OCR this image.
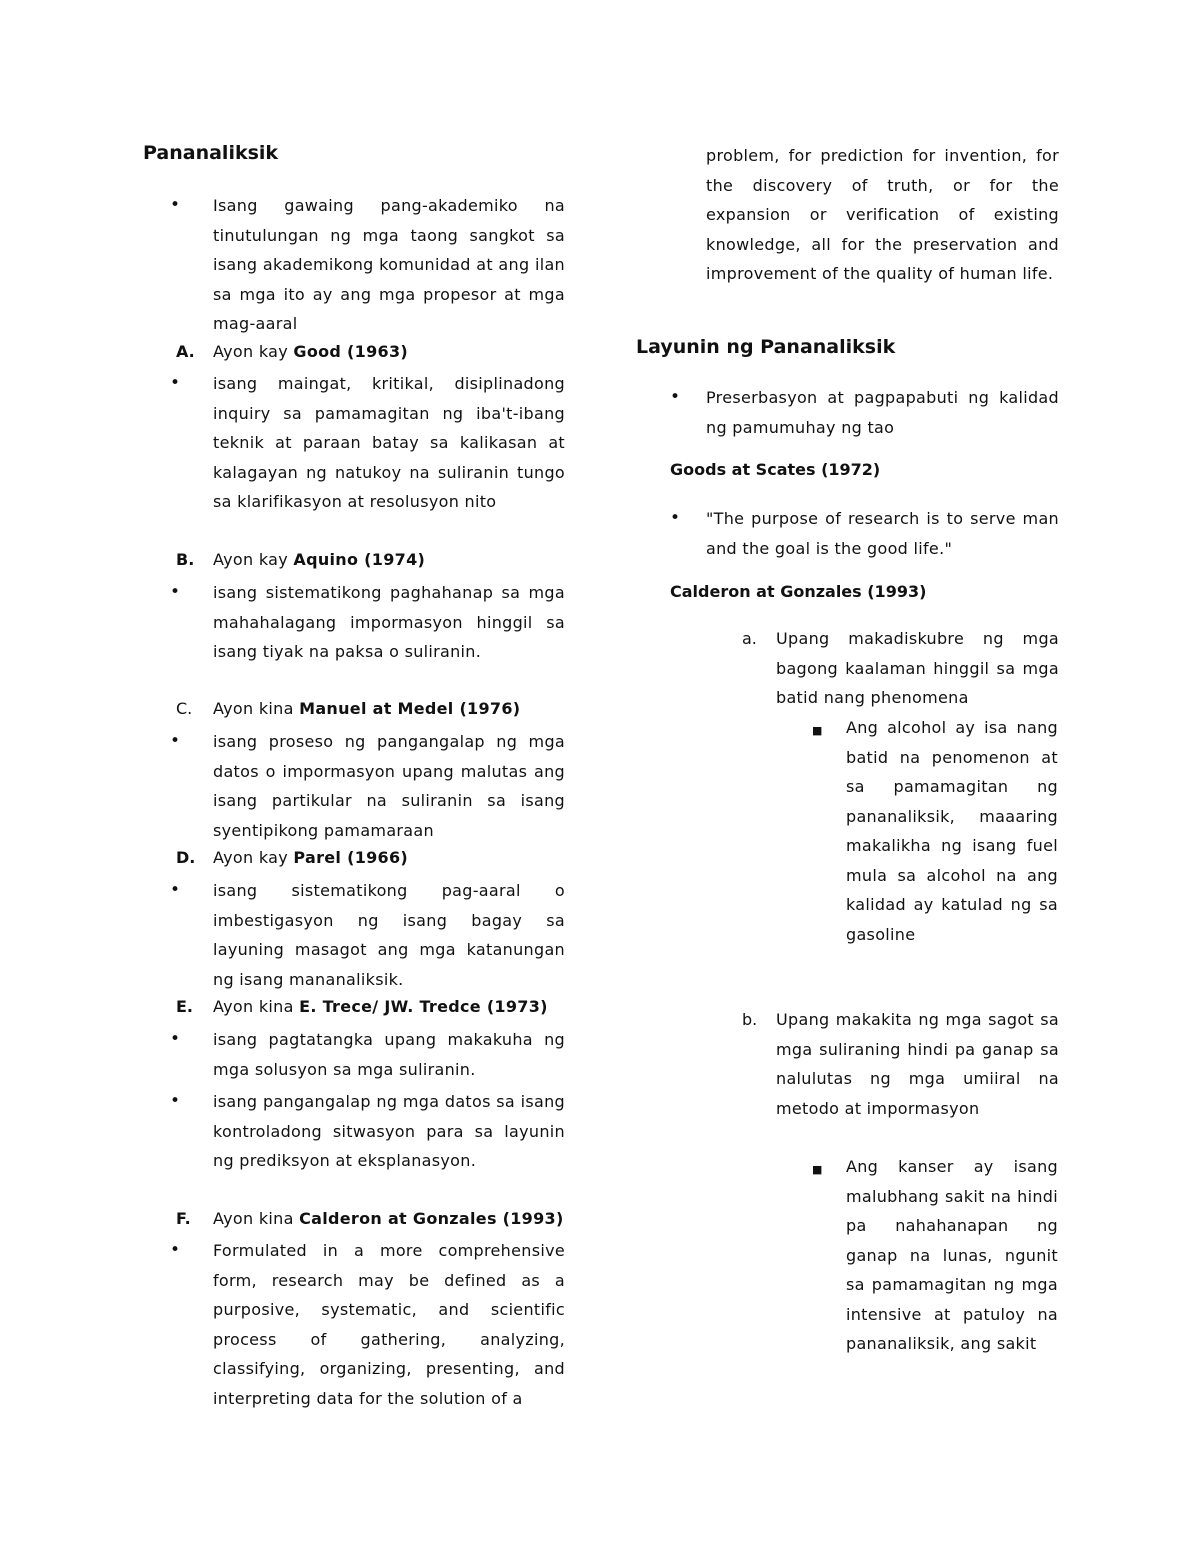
Pananaliksik
• Isang gawaing pang-akademiko na tinutulungan ng mga taong sangkot sa isang akademikong komunidad at ang ilan sa mga ito ay ang mga propesor at mga mag-aaral
A. Ayon kay Good (1963)
• isang maingat, kritikal, disiplinadong inquiry sa pamamagitan ng iba't-ibang teknik at paraan batay sa kalikasan at kalagayan ng natukoy na suliranin tungo sa klarifikasyon at resolusyon nito
B. Ayon kay Aquino (1974)
• isang sistematikong paghahanap sa mga mahahalagang impormasyon hinggil sa isang tiyak na paksa o suliranin.
C. Ayon kina Manuel at Medel (1976)
• isang proseso ng pangangalap ng mga datos o impormasyon upang malutas ang isang partikular na suliranin sa isang syentipikong pamamaraan
D. Ayon kay Parel (1966)
• isang sistematikong pag-aaral o imbestigasyon ng isang bagay sa layuning masagot ang mga katanungan ng isang mananaliksik.
E. Ayon kina E. Trece/ JW. Tredce (1973)
• isang pagtatangka upang makakuha ng mga solusyon sa mga suliranin.
• isang pangangalap ng mga datos sa isang kontroladong sitwasyon para sa layunin ng prediksyon at eksplanasyon.
F. Ayon kina Calderon at Gonzales (1993)
• Formulated in a more comprehensive form, research may be defined as a purposive, systematic, and scientific process of gathering, analyzing, classifying, organizing, presenting, and interpreting data for the solution of a
problem, for prediction for invention, for the discovery of truth, or for the expansion or verification of existing knowledge, all for the preservation and improvement of the quality of human life.
Layunin ng Pananaliksik
• Preserbasyon at pagpapabuti ng kalidad ng pamumuhay ng tao
Goods at Scates (1972)
• "The purpose of research is to serve man and the goal is the good life."
Calderon at Gonzales (1993)
a. Upang makadiskubre ng mga bagong kaalaman hinggil sa mga batid nang phenomena
■ Ang alcohol ay isa nang batid na penomenon at sa pamamagitan ng pananaliksik, maaaring makalikha ng isang fuel mula sa alcohol na ang kalidad ay katulad ng sa gasoline
b. Upang makakita ng mga sagot sa mga suliraning hindi pa ganap sa nalulutas ng mga umiiral na metodo at impormasyon
■ Ang kanser ay isang malubhang sakit na hindi pa nahahanapan ng ganap na lunas, ngunit sa pamamagitan ng mga intensive at patuloy na pananaliksik, ang sakit
